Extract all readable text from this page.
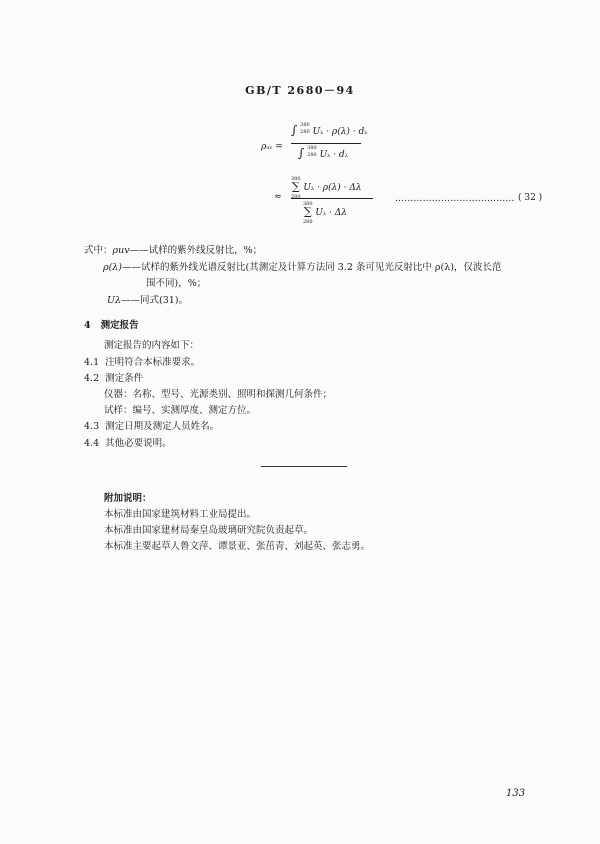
GB/T 2680－94
ρuv =
∫ 380
280 Uλ · ρ(λ) · dλ
∫ 380
280 Uλ · dλ
≈
380
∑
280 Uλ · ρ(λ) · Δλ
380
∑
280 Uλ · Δλ
………………………………… ( 32 )
式中：ρuv——试样的紫外线反射比，%；
ρ(λ)——试样的紫外线光谱反射比(其测定及计算方法同 3.2 条可见光反射比中 ρ(λ)，仅波长范
围不同)，%；
Uλ——同式(31)。
4 测定报告
测定报告的内容如下：
4.1 注明符合本标准要求。
4.2 测定条件
仪器：名称、型号、光源类别、照明和探测几何条件；
试样：编号、实测厚度、测定方位。
4.3 测定日期及测定人员姓名。
4.4 其他必要说明。
附加说明：
本标准由国家建筑材料工业局提出。
本标准由国家建材局秦皇岛玻璃研究院负责起草。
本标准主要起草人鲁文萍、谭景亚、张茁青、刘起英、张志勇。
133
